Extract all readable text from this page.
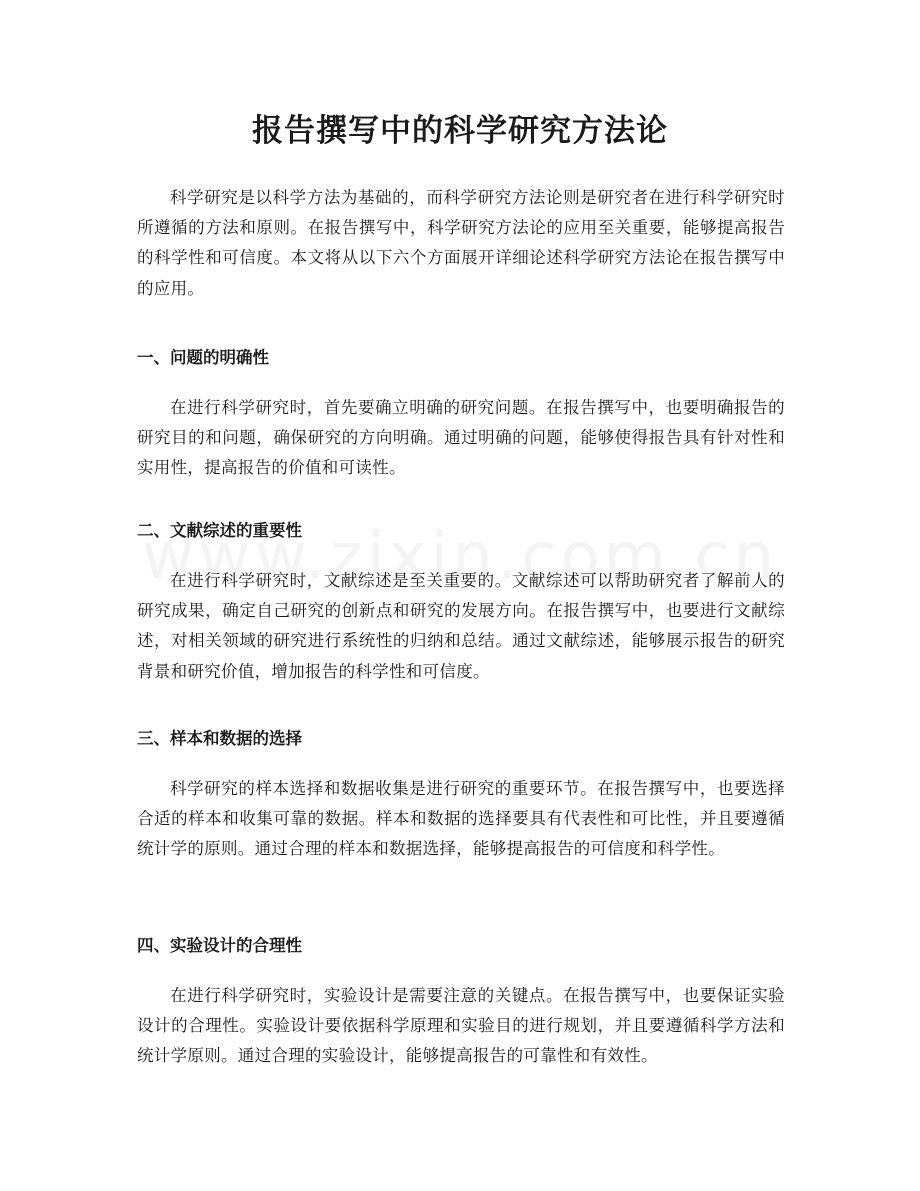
报告撰写中的科学研究方法论

科学研究是以科学方法为基础的，而科学研究方法论则是研究者在进行科学研究时所遵循的方法和原则。在报告撰写中，科学研究方法论的应用至关重要，能够提高报告的科学性和可信度。本文将从以下六个方面展开详细论述科学研究方法论在报告撰写中的应用。

一、问题的明确性

在进行科学研究时，首先要确立明确的研究问题。在报告撰写中，也要明确报告的研究目的和问题，确保研究的方向明确。通过明确的问题，能够使得报告具有针对性和实用性，提高报告的价值和可读性。

二、文献综述的重要性

在进行科学研究时，文献综述是至关重要的。文献综述可以帮助研究者了解前人的研究成果，确定自己研究的创新点和研究的发展方向。在报告撰写中，也要进行文献综述，对相关领域的研究进行系统性的归纳和总结。通过文献综述，能够展示报告的研究背景和研究价值，增加报告的科学性和可信度。

三、样本和数据的选择

科学研究的样本选择和数据收集是进行研究的重要环节。在报告撰写中，也要选择合适的样本和收集可靠的数据。样本和数据的选择要具有代表性和可比性，并且要遵循统计学的原则。通过合理的样本和数据选择，能够提高报告的可信度和科学性。

四、实验设计的合理性

在进行科学研究时，实验设计是需要注意的关键点。在报告撰写中，也要保证实验设计的合理性。实验设计要依据科学原理和实验目的进行规划，并且要遵循科学方法和统计学原则。通过合理的实验设计，能够提高报告的可靠性和有效性。
